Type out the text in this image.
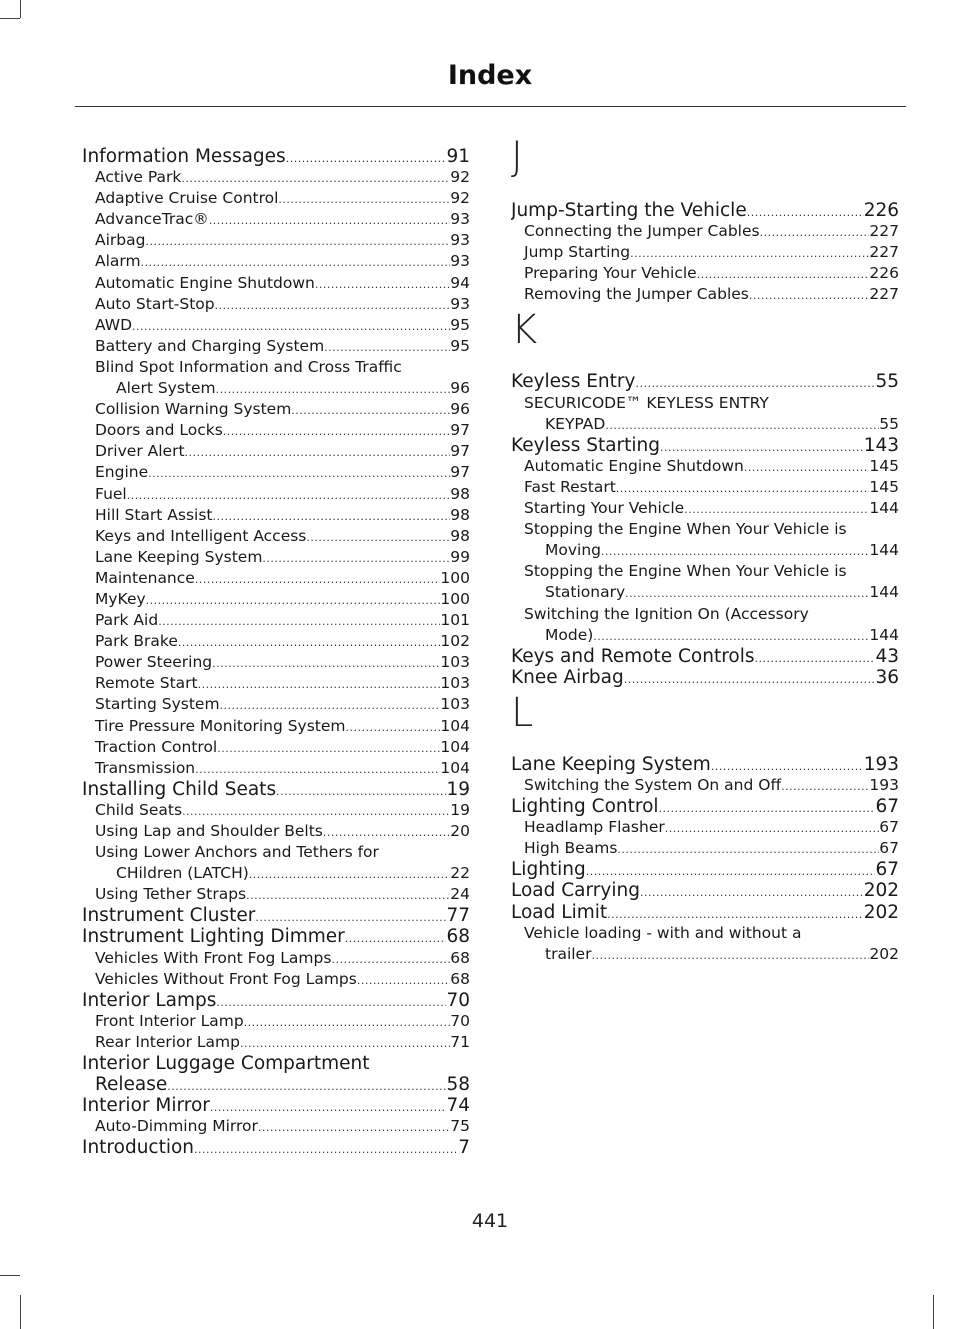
Index
Information Messages .....	91
Active Park .....	92
Adaptive Cruise Control .....	92
AdvanceTrac® .....	93
Airbag .....	93
Alarm .....	93
Automatic Engine Shutdown .....	94
Auto Start-Stop .....	93
AWD .....	95
Battery and Charging System .....	95
Blind Spot Information and Cross Traffic
Alert System .....	96
Collision Warning System .....	96
Doors and Locks .....	97
Driver Alert .....	97
Engine .....	97
Fuel .....	98
Hill Start Assist .....	98
Keys and Intelligent Access .....	98
Lane Keeping System .....	99
Maintenance .....	100
MyKey .....	100
Park Aid .....	101
Park Brake .....	102
Power Steering .....	103
Remote Start .....	103
Starting System .....	103
Tire Pressure Monitoring System .....	104
Traction Control .....	104
Transmission .....	104
Installing Child Seats .....	19
Child Seats .....	19
Using Lap and Shoulder Belts .....	20
Using Lower Anchors and Tethers for
CHildren (LATCH) .....	22
Using Tether Straps .....	24
Instrument Cluster .....	77
Instrument Lighting Dimmer .....	68
Vehicles With Front Fog Lamps .....	68
Vehicles Without Front Fog Lamps .....	68
Interior Lamps .....	70
Front Interior Lamp .....	70
Rear Interior Lamp .....	71
Interior Luggage Compartment
Release .....	58
Interior Mirror .....	74
Auto-Dimming Mirror .....	75
Introduction .....	7
J
Jump-Starting the Vehicle .....	226
Connecting the Jumper Cables .....	227
Jump Starting .....	227
Preparing Your Vehicle .....	226
Removing the Jumper Cables .....	227
K
Keyless Entry .....	55
SECURICODE™ KEYLESS ENTRY
KEYPAD .....	55
Keyless Starting .....	143
Automatic Engine Shutdown .....	145
Fast Restart .....	145
Starting Your Vehicle .....	144
Stopping the Engine When Your Vehicle is
Moving .....	144
Stopping the Engine When Your Vehicle is
Stationary .....	144
Switching the Ignition On (Accessory
Mode) .....	144
Keys and Remote Controls .....	43
Knee Airbag .....	36
L
Lane Keeping System .....	193
Switching the System On and Off .....	193
Lighting Control .....	67
Headlamp Flasher .....	67
High Beams .....	67
Lighting .....	67
Load Carrying .....	202
Load Limit .....	202
Vehicle loading - with and without a
trailer .....	202
441
